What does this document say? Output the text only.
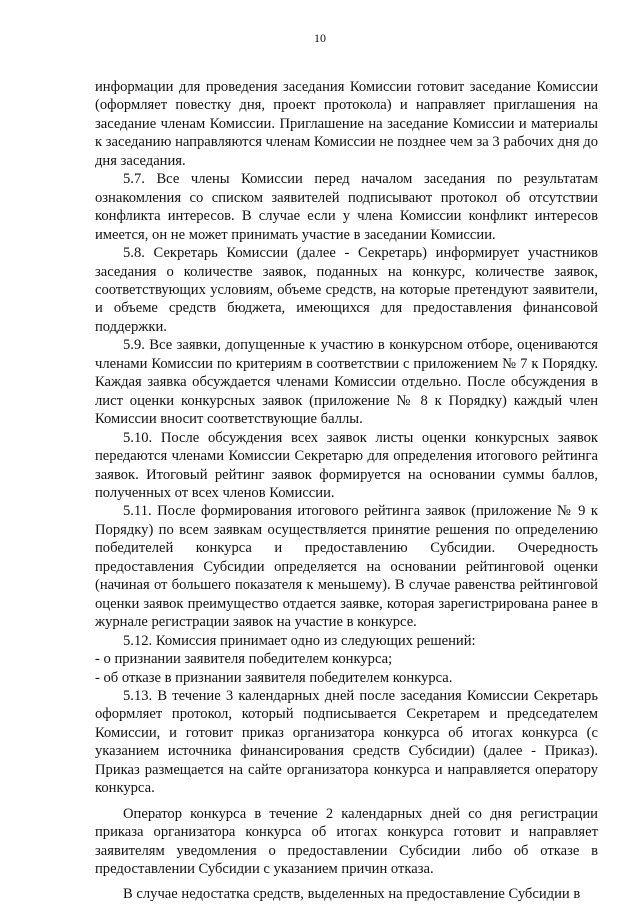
10

информации для проведения заседания Комиссии готовит заседание Комиссии (оформляет повестку дня, проект протокола) и направляет приглашения на заседание членам Комиссии. Приглашение на заседание Комиссии и материалы к заседанию направляются членам Комиссии не позднее чем за 3 рабочих дня до дня заседания.

5.7. Все члены Комиссии перед началом заседания по результатам ознакомления со списком заявителей подписывают протокол об отсутствии конфликта интересов. В случае если у члена Комиссии конфликт интересов имеется, он не может принимать участие в заседании Комиссии.

5.8. Секретарь Комиссии (далее - Секретарь) информирует участников заседания о количестве заявок, поданных на конкурс, количестве заявок, соответствующих условиям, объеме средств, на которые претендуют заявители, и объеме средств бюджета, имеющихся для предоставления финансовой поддержки.

5.9. Все заявки, допущенные к участию в конкурсном отборе, оцениваются членами Комиссии по критериям в соответствии с приложением № 7 к Порядку. Каждая заявка обсуждается членами Комиссии отдельно. После обсуждения в лист оценки конкурсных заявок (приложение № 8 к Порядку) каждый член Комиссии вносит соответствующие баллы.

5.10. После обсуждения всех заявок листы оценки конкурсных заявок передаются членами Комиссии Секретарю для определения итогового рейтинга заявок. Итоговый рейтинг заявок формируется на основании суммы баллов, полученных от всех членов Комиссии.

5.11. После формирования итогового рейтинга заявок (приложение № 9 к Порядку) по всем заявкам осуществляется принятие решения по определению победителей конкурса и предоставлению Субсидии. Очередность предоставления Субсидии определяется на основании рейтинговой оценки (начиная от большего показателя к меньшему). В случае равенства рейтинговой оценки заявок преимущество отдается заявке, которая зарегистрирована ранее в журнале регистрации заявок на участие в конкурсе.

5.12. Комиссия принимает одно из следующих решений:

- о признании заявителя победителем конкурса;

- об отказе в признании заявителя победителем конкурса.

5.13. В течение 3 календарных дней после заседания Комиссии Секретарь оформляет протокол, который подписывается Секретарем и председателем Комиссии, и готовит приказ организатора конкурса об итогах конкурса (с указанием источника финансирования средств Субсидии) (далее - Приказ). Приказ размещается на сайте организатора конкурса и направляется оператору конкурса.

Оператор конкурса в течение 2 календарных дней со дня регистрации приказа организатора конкурса об итогах конкурса готовит и направляет заявителям уведомления о предоставлении Субсидии либо об отказе в предоставлении Субсидии с указанием причин отказа.

В случае недостатка средств, выделенных на предоставление Субсидии в
